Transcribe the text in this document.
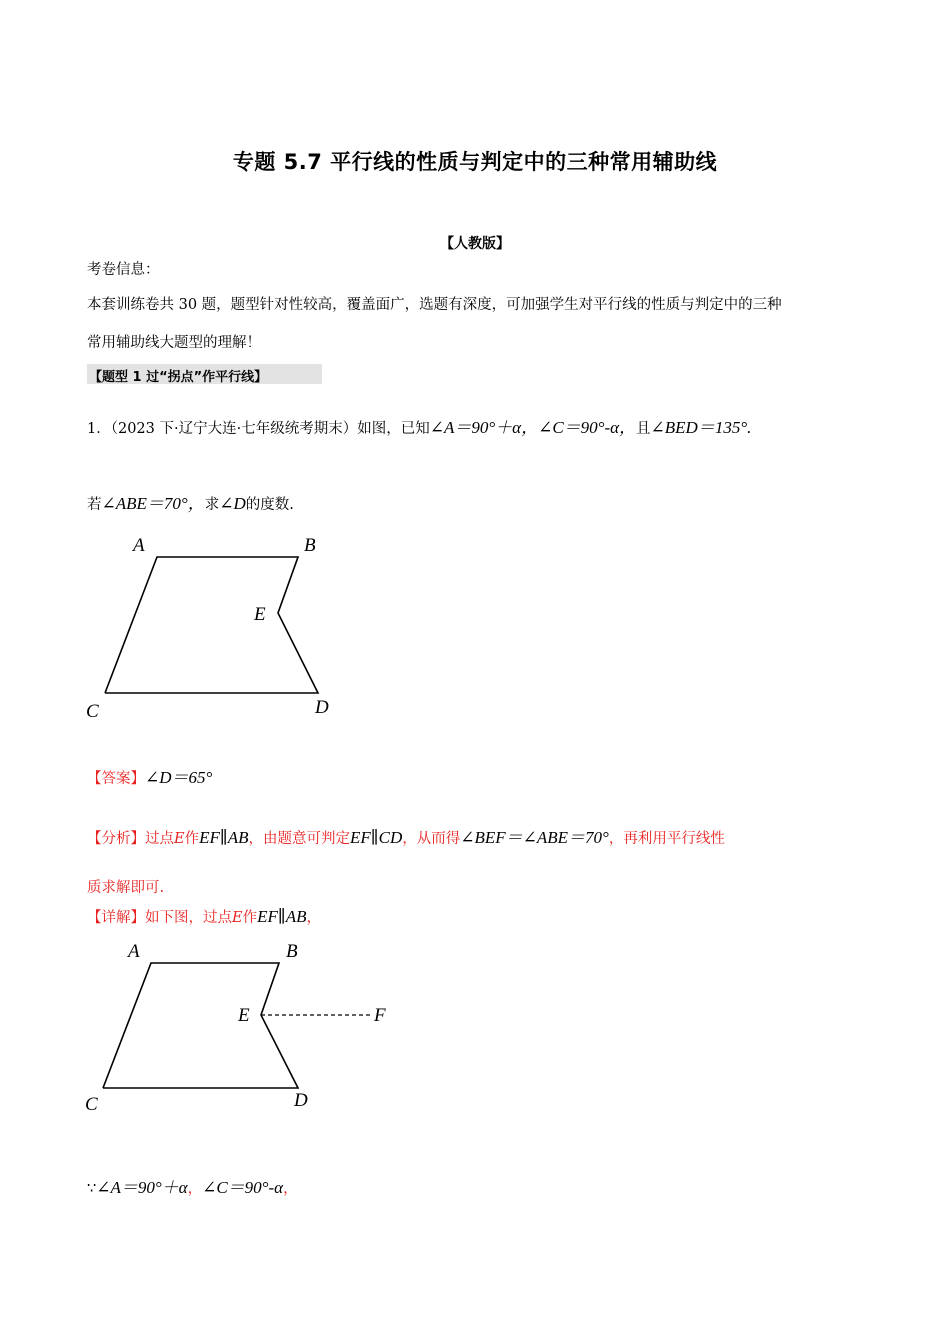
专题 5.7 平行线的性质与判定中的三种常用辅助线
【人教版】
考卷信息：
本套训练卷共 30 题，题型针对性较高，覆盖面广，选题有深度，可加强学生对平行线的性质与判定中的三种
常用辅助线大题型的理解！
【题型 1 过“拐点”作平行线】
1．（2023 下·辽宁大连·七年级统考期末）如图，已知∠A＝90°＋α，∠C＝90°-α，且∠BED＝135°.
若∠ABE＝70°，求∠D的度数.
A	B
E
C	D
A	B
E	F
C	D
【答案】∠D＝65°
【分析】过点E作EF∥AB，由题意可判定EF∥CD，从而得∠BEF＝∠ABE＝70°，再利用平行线性
质求解即可.
【详解】如下图，过点E作EF∥AB，
∵∠A＝90°＋α，∠C＝90°-α，
